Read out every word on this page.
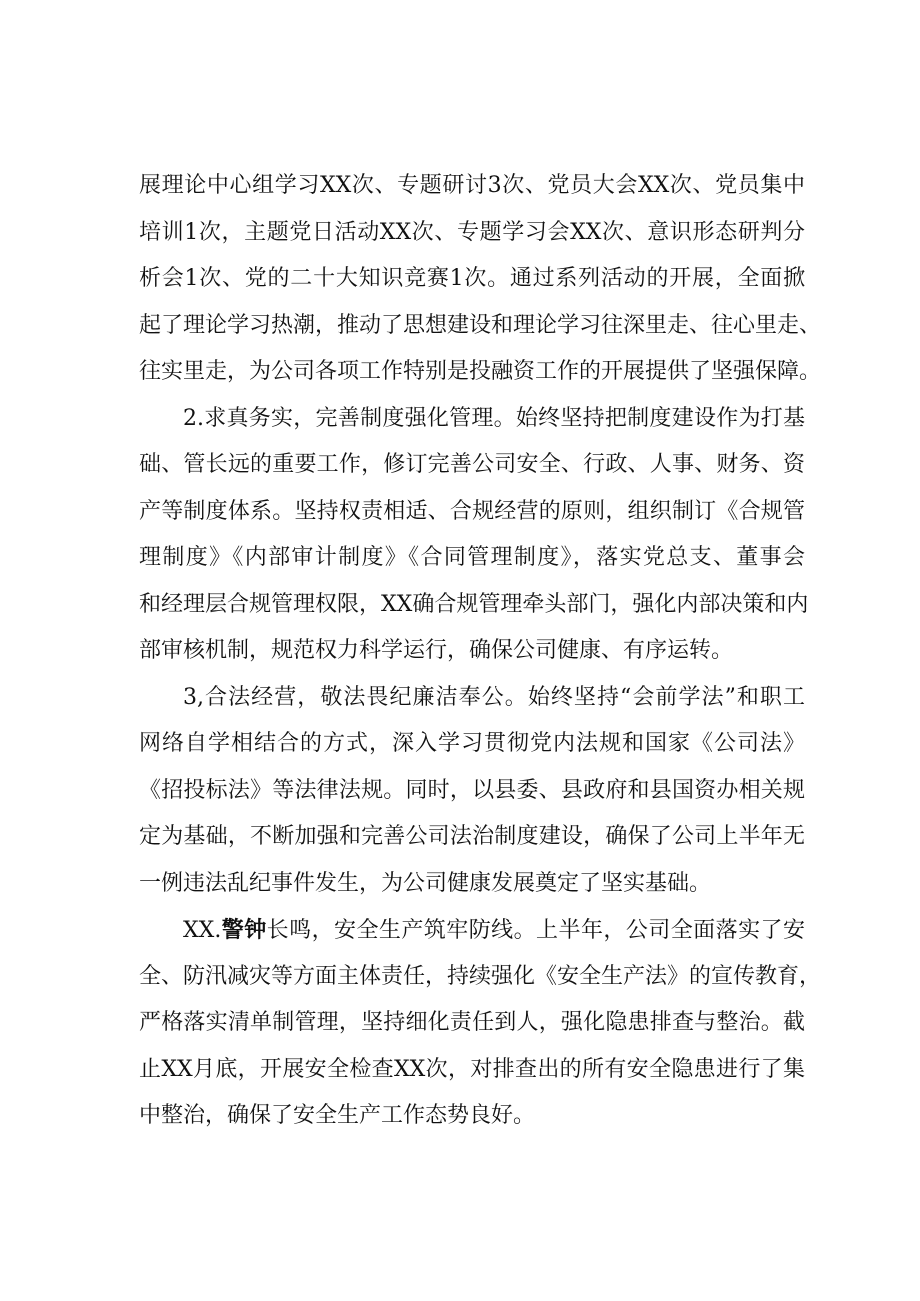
展理论中心组学习XX次、专题研讨3次、党员大会XX次、党员集中
培训1次，主题党日活动XX次、专题学习会XX次、意识形态研判分
析会1次、党的二十大知识竞赛1次。通过系列活动的开展，全面掀
起了理论学习热潮，推动了思想建设和理论学习往深里走、往心里走、
往实里走，为公司各项工作特别是投融资工作的开展提供了坚强保障。
2.求真务实，完善制度强化管理。始终坚持把制度建设作为打基
础、管长远的重要工作，修订完善公司安全、行政、人事、财务、资
产等制度体系。坚持权责相适、合规经营的原则，组织制订《合规管
理制度》《内部审计制度》《合同管理制度》，落实党总支、董事会
和经理层合规管理权限，XX确合规管理牵头部门，强化内部决策和内
部审核机制，规范权力科学运行，确保公司健康、有序运转。
3,合法经营，敬法畏纪廉洁奉公。始终坚持“会前学法”和职工
网络自学相结合的方式，深入学习贯彻党内法规和国家《公司法》
《招投标法》等法律法规。同时，以县委、县政府和县国资办相关规
定为基础，不断加强和完善公司法治制度建设，确保了公司上半年无
一例违法乱纪事件发生，为公司健康发展奠定了坚实基础。
XX.警钟长鸣，安全生产筑牢防线。上半年，公司全面落实了安
全、防汛减灾等方面主体责任，持续强化《安全生产法》的宣传教育，
严格落实清单制管理，坚持细化责任到人，强化隐患排查与整治。截
止XX月底，开展安全检查XX次，对排查出的所有安全隐患进行了集
中整治，确保了安全生产工作态势良好。
